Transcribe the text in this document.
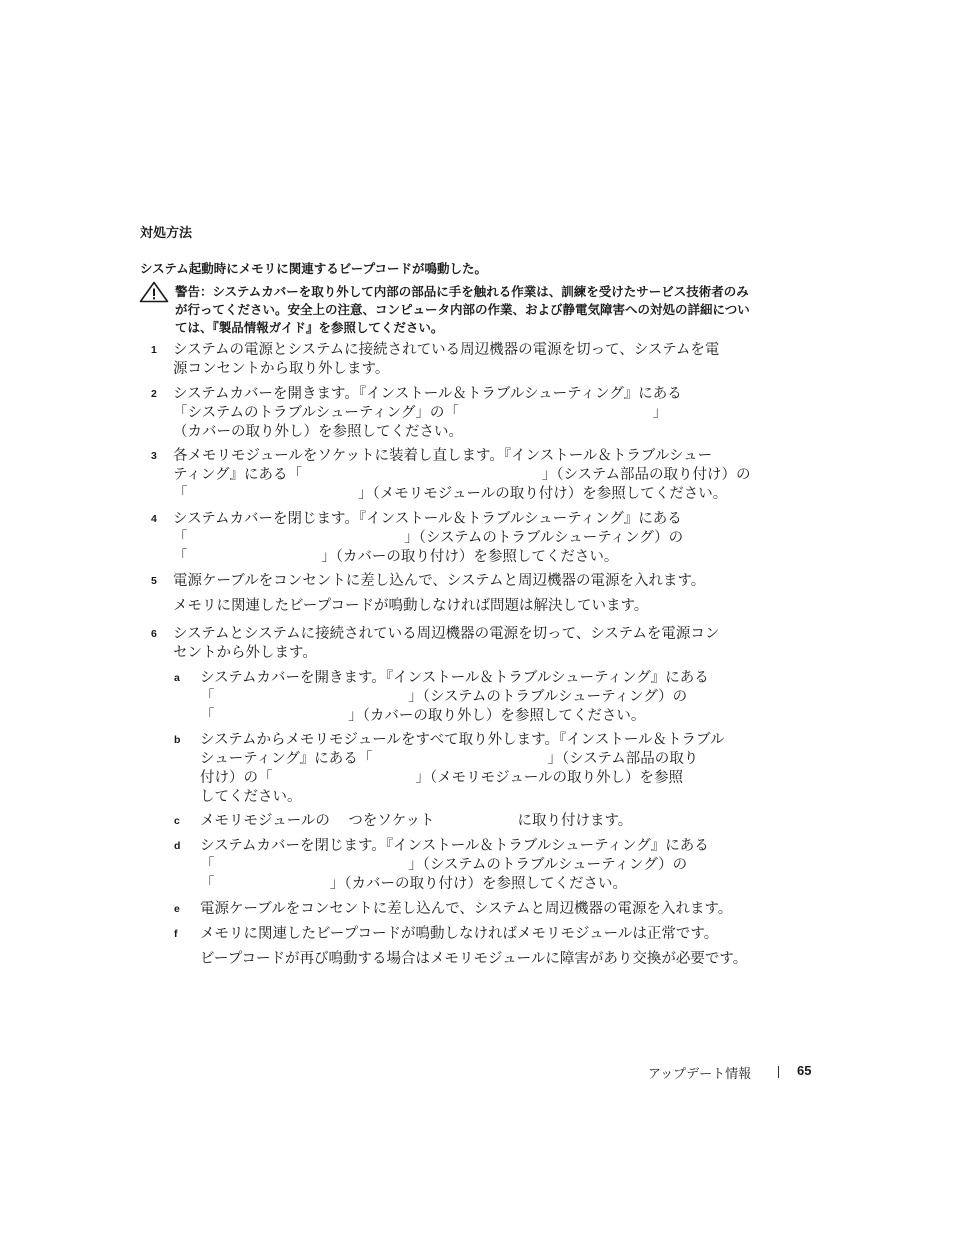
対処方法
システム起動時にメモリに関連するビープコードが鳴動した。
警告：システムカバーを取り外して内部の部品に手を触れる作業は、訓練を受けたサービス技術者のみが行ってください。安全上の注意、コンピュータ内部の作業、および静電気障害への対処の詳細については、『製品情報ガイド』を参照してください。
1	システムの電源とシステムに接続されている周辺機器の電源を切って、システムを電
源コンセントから取り外します。
2	システムカバーを開きます。『インストール＆トラブルシューティング』にある
「システムのトラブルシューティング」の「                                          」
（カバーの取り外し）を参照してください。
3	各メモリモジュールをソケットに装着し直します。『インストール＆トラブルシュー
ティング』にある「                                                    」（システム部品の取り付け）の
「                                     」（メモリモジュールの取り付け）を参照してください。
4	システムカバーを閉じます。『インストール＆トラブルシューティング』にある
「                                               」（システムのトラブルシューティング）の
「                             」（カバーの取り付け）を参照してください。
5	電源ケーブルをコンセントに差し込んで、システムと周辺機器の電源を入れます。
メモリに関連したビープコードが鳴動しなければ問題は解決しています。
6	システムとシステムに接続されている周辺機器の電源を切って、システムを電源コン
セントから外します。
a	システムカバーを開きます。『インストール＆トラブルシューティング』にある
「                                          」（システムのトラブルシューティング）の
「                             」（カバーの取り外し）を参照してください。
b	システムからメモリモジュールをすべて取り外します。『インストール＆トラブル
シューティング』にある「                                      」（システム部品の取り
付け）の「                               」（メモリモジュールの取り外し）を参照
してください。
c	メモリモジュールの    つをソケット                  に取り付けます。
d	システムカバーを閉じます。『インストール＆トラブルシューティング』にある
「                                          」（システムのトラブルシューティング）の
「                         」（カバーの取り付け）を参照してください。
e	電源ケーブルをコンセントに差し込んで、システムと周辺機器の電源を入れます。
f	メモリに関連したビープコードが鳴動しなければメモリモジュールは正常です。
ビープコードが再び鳴動する場合はメモリモジュールに障害があり交換が必要です。
アップデート情報	65
